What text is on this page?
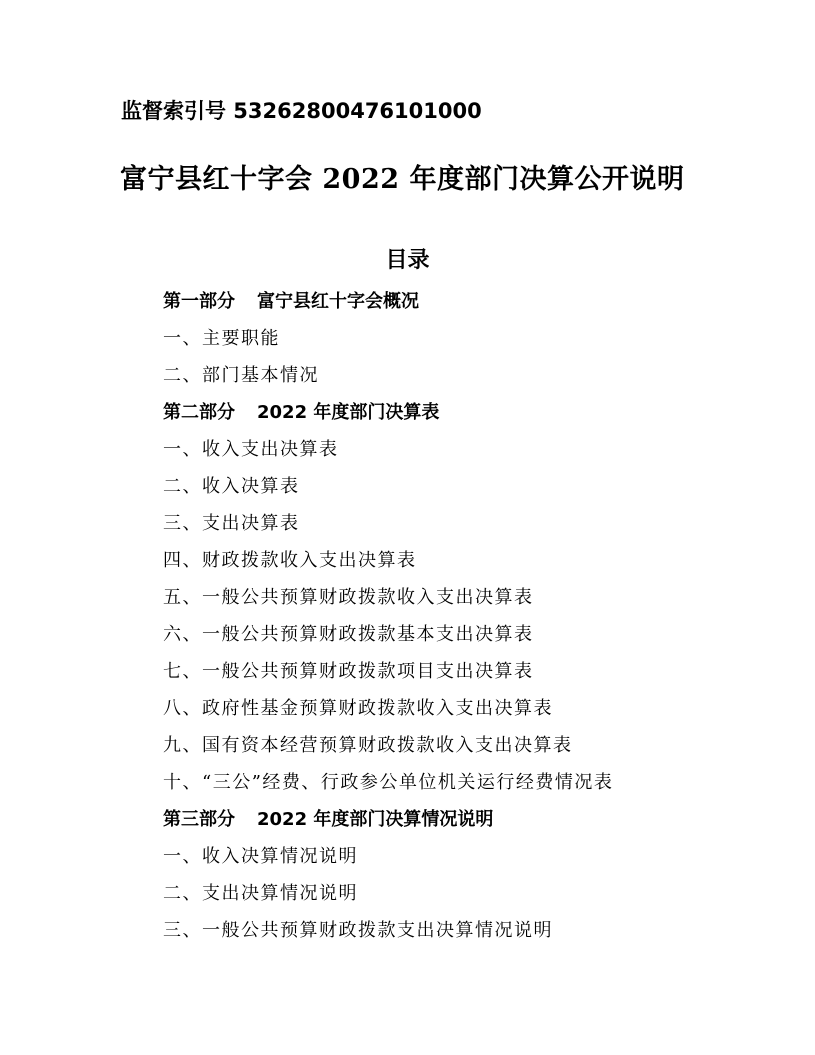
监督索引号 53262800476101000
富宁县红十字会 2022 年度部门决算公开说明
目录
第一部分 富宁县红十字会概况
一、主要职能
二、部门基本情况
第二部分 2022 年度部门决算表
一、收入支出决算表
二、收入决算表
三、支出决算表
四、财政拨款收入支出决算表
五、一般公共预算财政拨款收入支出决算表
六、一般公共预算财政拨款基本支出决算表
七、一般公共预算财政拨款项目支出决算表
八、政府性基金预算财政拨款收入支出决算表
九、国有资本经营预算财政拨款收入支出决算表
十、“三公”经费、行政参公单位机关运行经费情况表
第三部分 2022 年度部门决算情况说明
一、收入决算情况说明
二、支出决算情况说明
三、一般公共预算财政拨款支出决算情况说明
